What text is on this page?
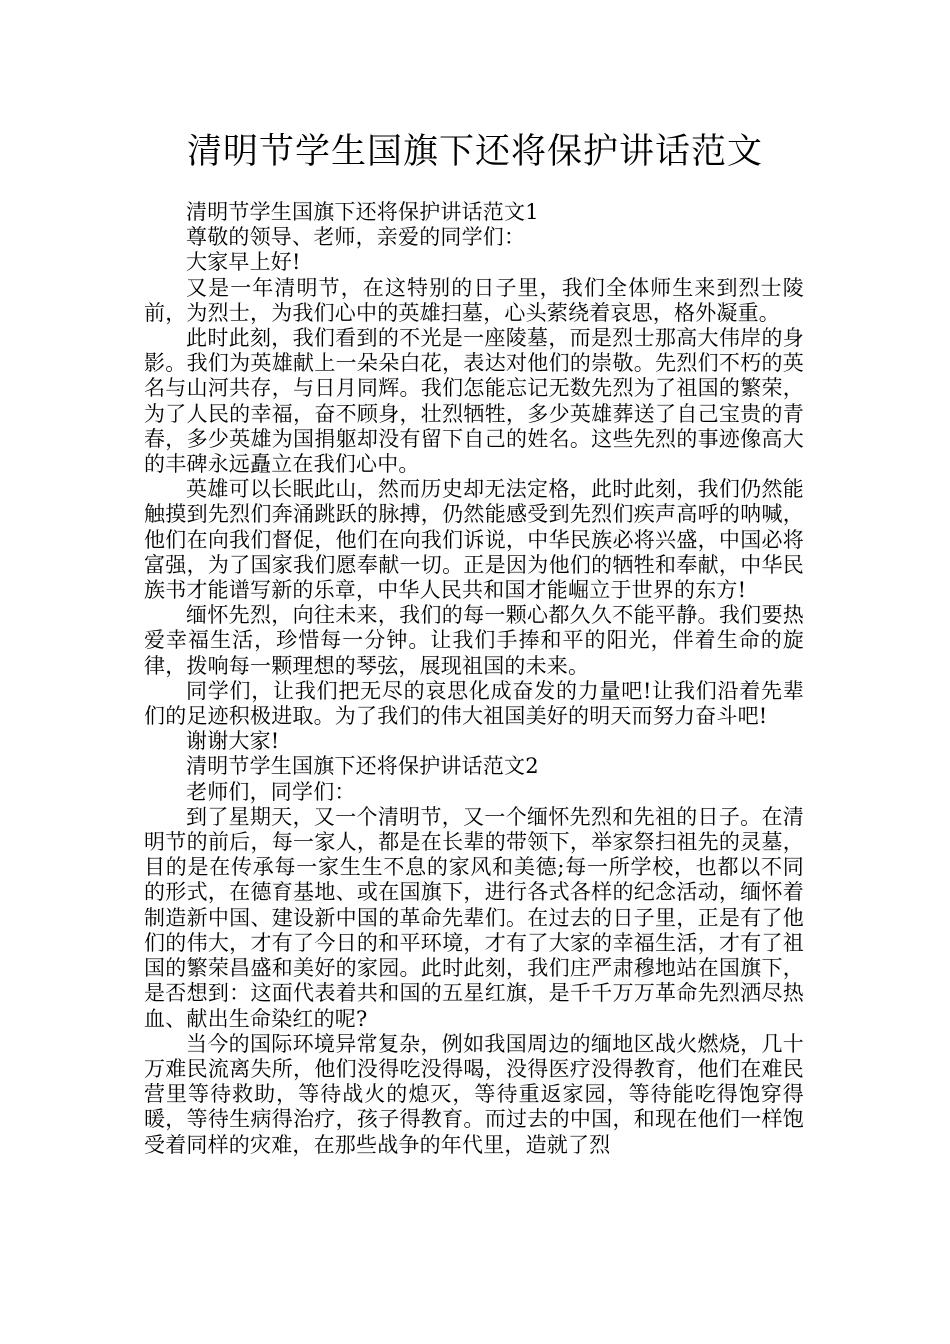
清明节学生国旗下还将保护讲话范文

清明节学生国旗下还将保护讲话范文1

尊敬的领导、老师，亲爱的同学们：

大家早上好!

又是一年清明节，在这特别的日子里，我们全体师生来到烈士陵前，为烈士，为我们心中的英雄扫墓，心头萦绕着哀思，格外凝重。

此时此刻，我们看到的不光是一座陵墓，而是烈士那高大伟岸的身影。我们为英雄献上一朵朵白花，表达对他们的崇敬。先烈们不朽的英名与山河共存，与日月同辉。我们怎能忘记无数先烈为了祖国的繁荣，为了人民的幸福，奋不顾身，壮烈牺牲，多少英雄葬送了自己宝贵的青春，多少英雄为国捐躯却没有留下自己的姓名。这些先烈的事迹像高大的丰碑永远矗立在我们心中。

英雄可以长眠此山，然而历史却无法定格，此时此刻，我们仍然能触摸到先烈们奔涌跳跃的脉搏，仍然能感受到先烈们疾声高呼的呐喊，他们在向我们督促，他们在向我们诉说，中华民族必将兴盛，中国必将富强，为了国家我们愿奉献一切。正是因为他们的牺牲和奉献，中华民族书才能谱写新的乐章，中华人民共和国才能崛立于世界的东方!

缅怀先烈，向往未来，我们的每一颗心都久久不能平静。我们要热爱幸福生活，珍惜每一分钟。让我们手捧和平的阳光，伴着生命的旋律，拨响每一颗理想的琴弦，展现祖国的未来。

同学们，让我们把无尽的哀思化成奋发的力量吧!让我们沿着先辈们的足迹积极进取。为了我们的伟大祖国美好的明天而努力奋斗吧!

谢谢大家!

清明节学生国旗下还将保护讲话范文2

老师们，同学们：

到了星期天，又一个清明节，又一个缅怀先烈和先祖的日子。在清明节的前后，每一家人，都是在长辈的带领下，举家祭扫祖先的灵墓，目的是在传承每一家生生不息的家风和美德;每一所学校，也都以不同的形式，在德育基地、或在国旗下，进行各式各样的纪念活动，缅怀着制造新中国、建设新中国的革命先辈们。在过去的日子里，正是有了他们的伟大，才有了今日的和平环境，才有了大家的幸福生活，才有了祖国的繁荣昌盛和美好的家园。此时此刻，我们庄严肃穆地站在国旗下，是否想到：这面代表着共和国的五星红旗，是千千万万革命先烈洒尽热血、献出生命染红的呢?

当今的国际环境异常复杂，例如我国周边的缅地区战火燃烧，几十万难民流离失所，他们没得吃没得喝，没得医疗没得教育，他们在难民营里等待救助，等待战火的熄灭，等待重返家园，等待能吃得饱穿得暖，等待生病得治疗，孩子得教育。而过去的中国，和现在他们一样饱受着同样的灾难，在那些战争的年代里，造就了烈
